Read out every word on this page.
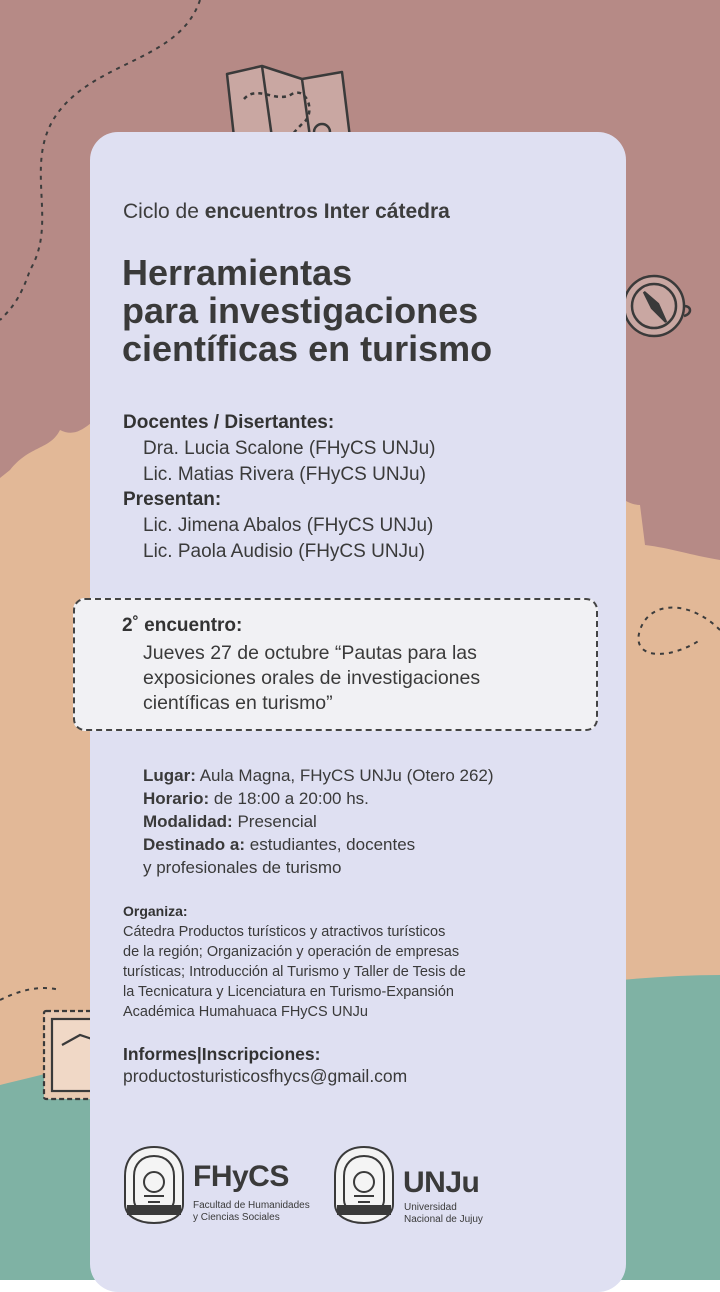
Ciclo de encuentros Inter cátedra
Herramientas
para investigaciones
científicas en turismo
Docentes / Disertantes:
Dra. Lucia Scalone (FHyCS UNJu)
Lic. Matias Rivera (FHyCS UNJu)
Presentan:
Lic. Jimena Abalos (FHyCS UNJu)
Lic. Paola Audisio (FHyCS UNJu)
2˚ encuentro:
Jueves 27 de octubre “Pautas para las
exposiciones orales de investigaciones
científicas en turismo”
Lugar: Aula Magna, FHyCS UNJu (Otero 262)
Horario: de 18:00 a 20:00 hs.
Modalidad: Presencial
Destinado a: estudiantes, docentes
y profesionales de turismo
Organiza:
Cátedra Productos turísticos y atractivos turísticos
de la región; Organización y operación de empresas
turísticas; Introducción al Turismo y Taller de Tesis de
la Tecnicatura y Licenciatura en Turismo-Expansión
Académica Humahuaca FHyCS UNJu
Informes|Inscripciones:
productosturisticosfhycs@gmail.com
FHyCS
Facultad de Humanidades
y Ciencias Sociales
UNJu
Universidad
Nacional de Jujuy
